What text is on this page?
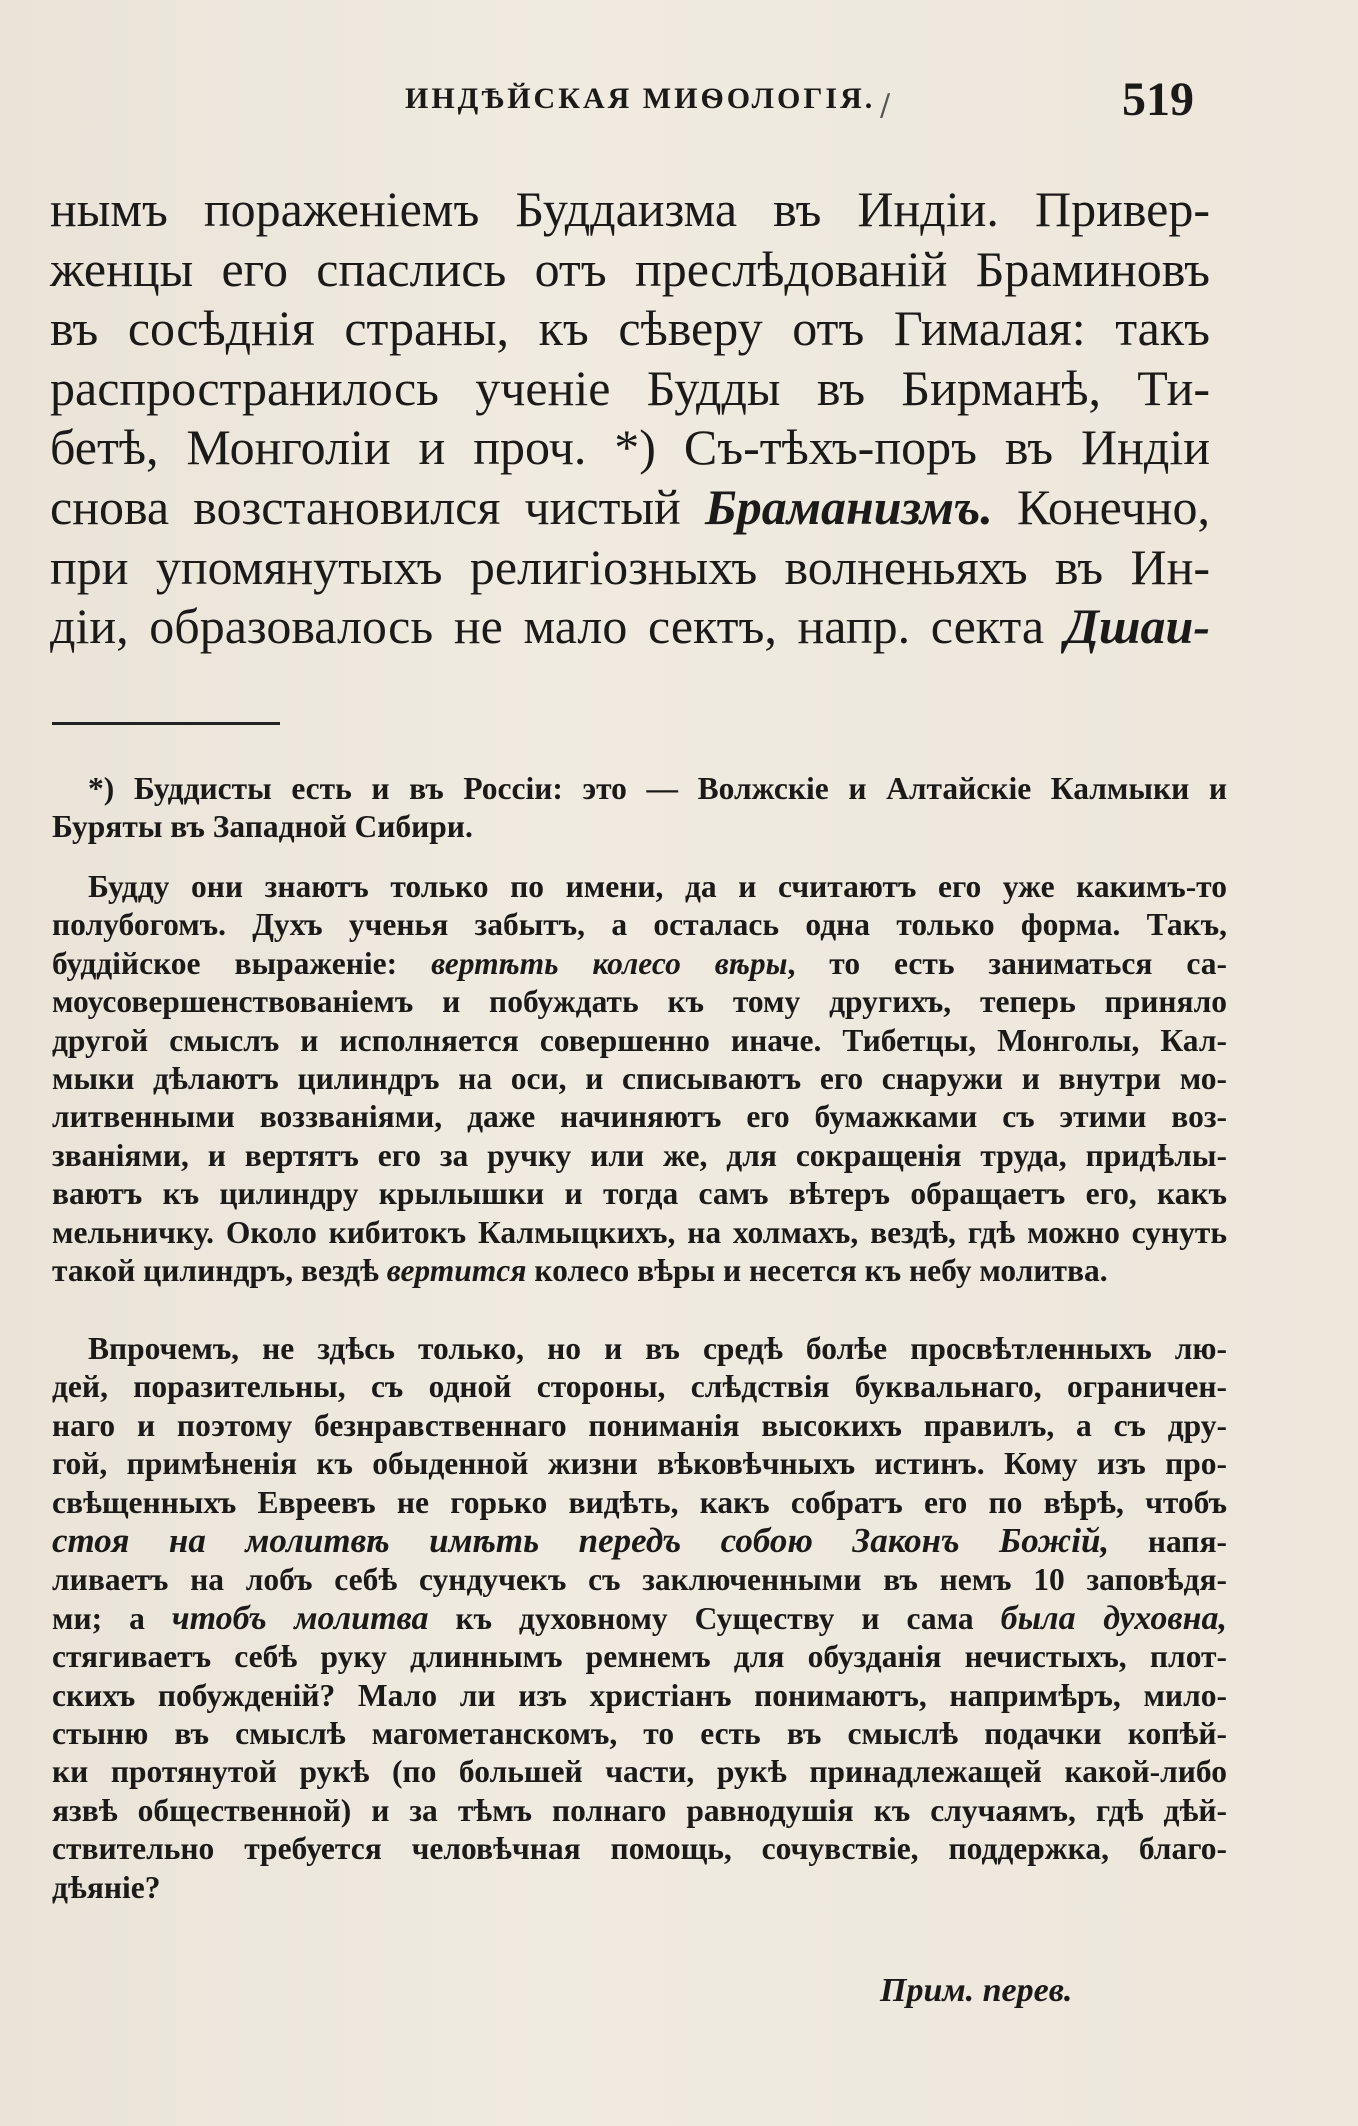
ИНДѢЙСКАЯ МИѲОЛОГІЯ. /	519
нымъ пораженіемъ Буддаизма въ Индіи. Привер-
женцы его спаслись отъ преслѣдованій Браминовъ
въ сосѣднія страны, къ сѣверу отъ Гималая: такъ
распространилось ученіе Будды въ Бирманѣ, Ти-
бетѣ, Монголіи и проч. *) Съ-тѣхъ-поръ въ Индіи
снова возстановился чистый Браманизмъ. Конечно,
при упомянутыхъ религіозныхъ волненьяхъ въ Ин-
діи, образовалось не мало сектъ, напр. секта Дшаи-
*) Буддисты есть и въ Россіи: это — Волжскіе и Алтайскіе Калмыки и
Буряты въ Западной Сибири.
Будду они знаютъ только по имени, да и считаютъ его уже какимъ-то
полубогомъ. Духъ ученья забытъ, а осталась одна только форма. Такъ,
буддійское выраженіе: вертѣть колесо вѣры, то есть заниматься са-
моусовершенствованіемъ и побуждать къ тому другихъ, теперь приняло
другой смыслъ и исполняется совершенно иначе. Тибетцы, Монголы, Кал-
мыки дѣлаютъ цилиндръ на оси, и списываютъ его снаружи и внутри мо-
литвенными воззваніями, даже начиняютъ его бумажками съ этими воз-
званіями, и вертятъ его за ручку или же, для сокращенія труда, придѣлы-
ваютъ къ цилиндру крылышки и тогда самъ вѣтеръ обращаетъ его, какъ
мельничку. Около кибитокъ Калмыцкихъ, на холмахъ, вездѣ, гдѣ можно сунуть
такой цилиндръ, вездѣ вертится колесо вѣры и несется къ небу молитва.
Впрочемъ, не здѣсь только, но и въ средѣ болѣе просвѣтленныхъ лю-
дей, поразительны, съ одной стороны, слѣдствія буквальнаго, ограничен-
наго и поэтому безнравственнаго пониманія высокихъ правилъ, а съ дру-
гой, примѣненія къ обыденной жизни вѣковѣчныхъ истинъ. Кому изъ про-
свѣщенныхъ Евреевъ не горько видѣть, какъ собратъ его по вѣрѣ, чтобъ
стоя на молитвѣ имѣть передъ собою Законъ Божій, напя-
ливаетъ на лобъ себѣ сундучекъ съ заключенными въ немъ 10 заповѣдя-
ми; а чтобъ молитва къ духовному Существу и сама была духовна,
стягиваетъ себѣ руку длиннымъ ремнемъ для обузданія нечистыхъ, плот-
скихъ побужденій? Мало ли изъ христіанъ понимаютъ, напримѣръ, мило-
стыню въ смыслѣ магометанскомъ, то есть въ смыслѣ подачки копѣй-
ки протянутой рукѣ (по большей части, рукѣ принадлежащей какой-либо
язвѣ общественной) и за тѣмъ полнаго равнодушія къ случаямъ, гдѣ дѣй-
ствительно требуется человѣчная помощь, сочувствіе, поддержка, благо-
дѣяніе?
Прим. перев.
